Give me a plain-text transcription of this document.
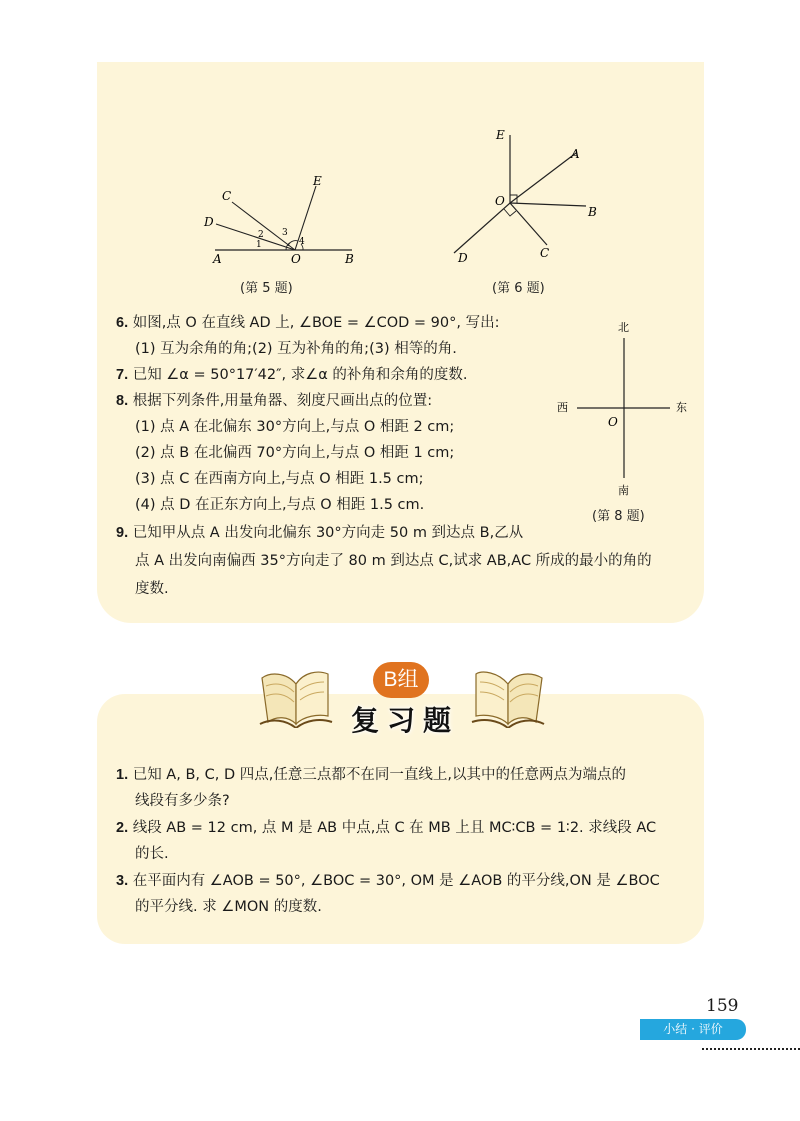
A	O	B
C
D
E
1
2 3
4
(第 5 题)
E
A
O
B
C
D
(第 6 题)
北
南
西	东
O
(第 8 题)
6. 如图,点 O 在直线 AD 上, ∠BOE = ∠COD = 90°, 写出:
(1) 互为余角的角;(2) 互为补角的角;(3) 相等的角.
7. 已知 ∠α = 50°17′42″, 求∠α 的补角和余角的度数.
8. 根据下列条件,用量角器、刻度尺画出点的位置:
(1) 点 A 在北偏东 30°方向上,与点 O 相距 2 cm;
(2) 点 B 在北偏西 70°方向上,与点 O 相距 1 cm;
(3) 点 C 在西南方向上,与点 O 相距 1.5 cm;
(4) 点 D 在正东方向上,与点 O 相距 1.5 cm.
9. 已知甲从点 A 出发向北偏东 30°方向走 50 m 到达点 B,乙从
点 A 出发向南偏西 35°方向走了 80 m 到达点 C,试求 AB,AC 所成的最小的角的
度数.
B组
复习题
1. 已知 A, B, C, D 四点,任意三点都不在同一直线上,以其中的任意两点为端点的
线段有多少条?
2. 线段 AB = 12 cm, 点 M 是 AB 中点,点 C 在 MB 上且 MC∶CB = 1∶2. 求线段 AC
的长.
3. 在平面内有 ∠AOB = 50°, ∠BOC = 30°, OM 是 ∠AOB 的平分线,ON 是 ∠BOC
的平分线. 求 ∠MON 的度数.
159
小结 · 评价
